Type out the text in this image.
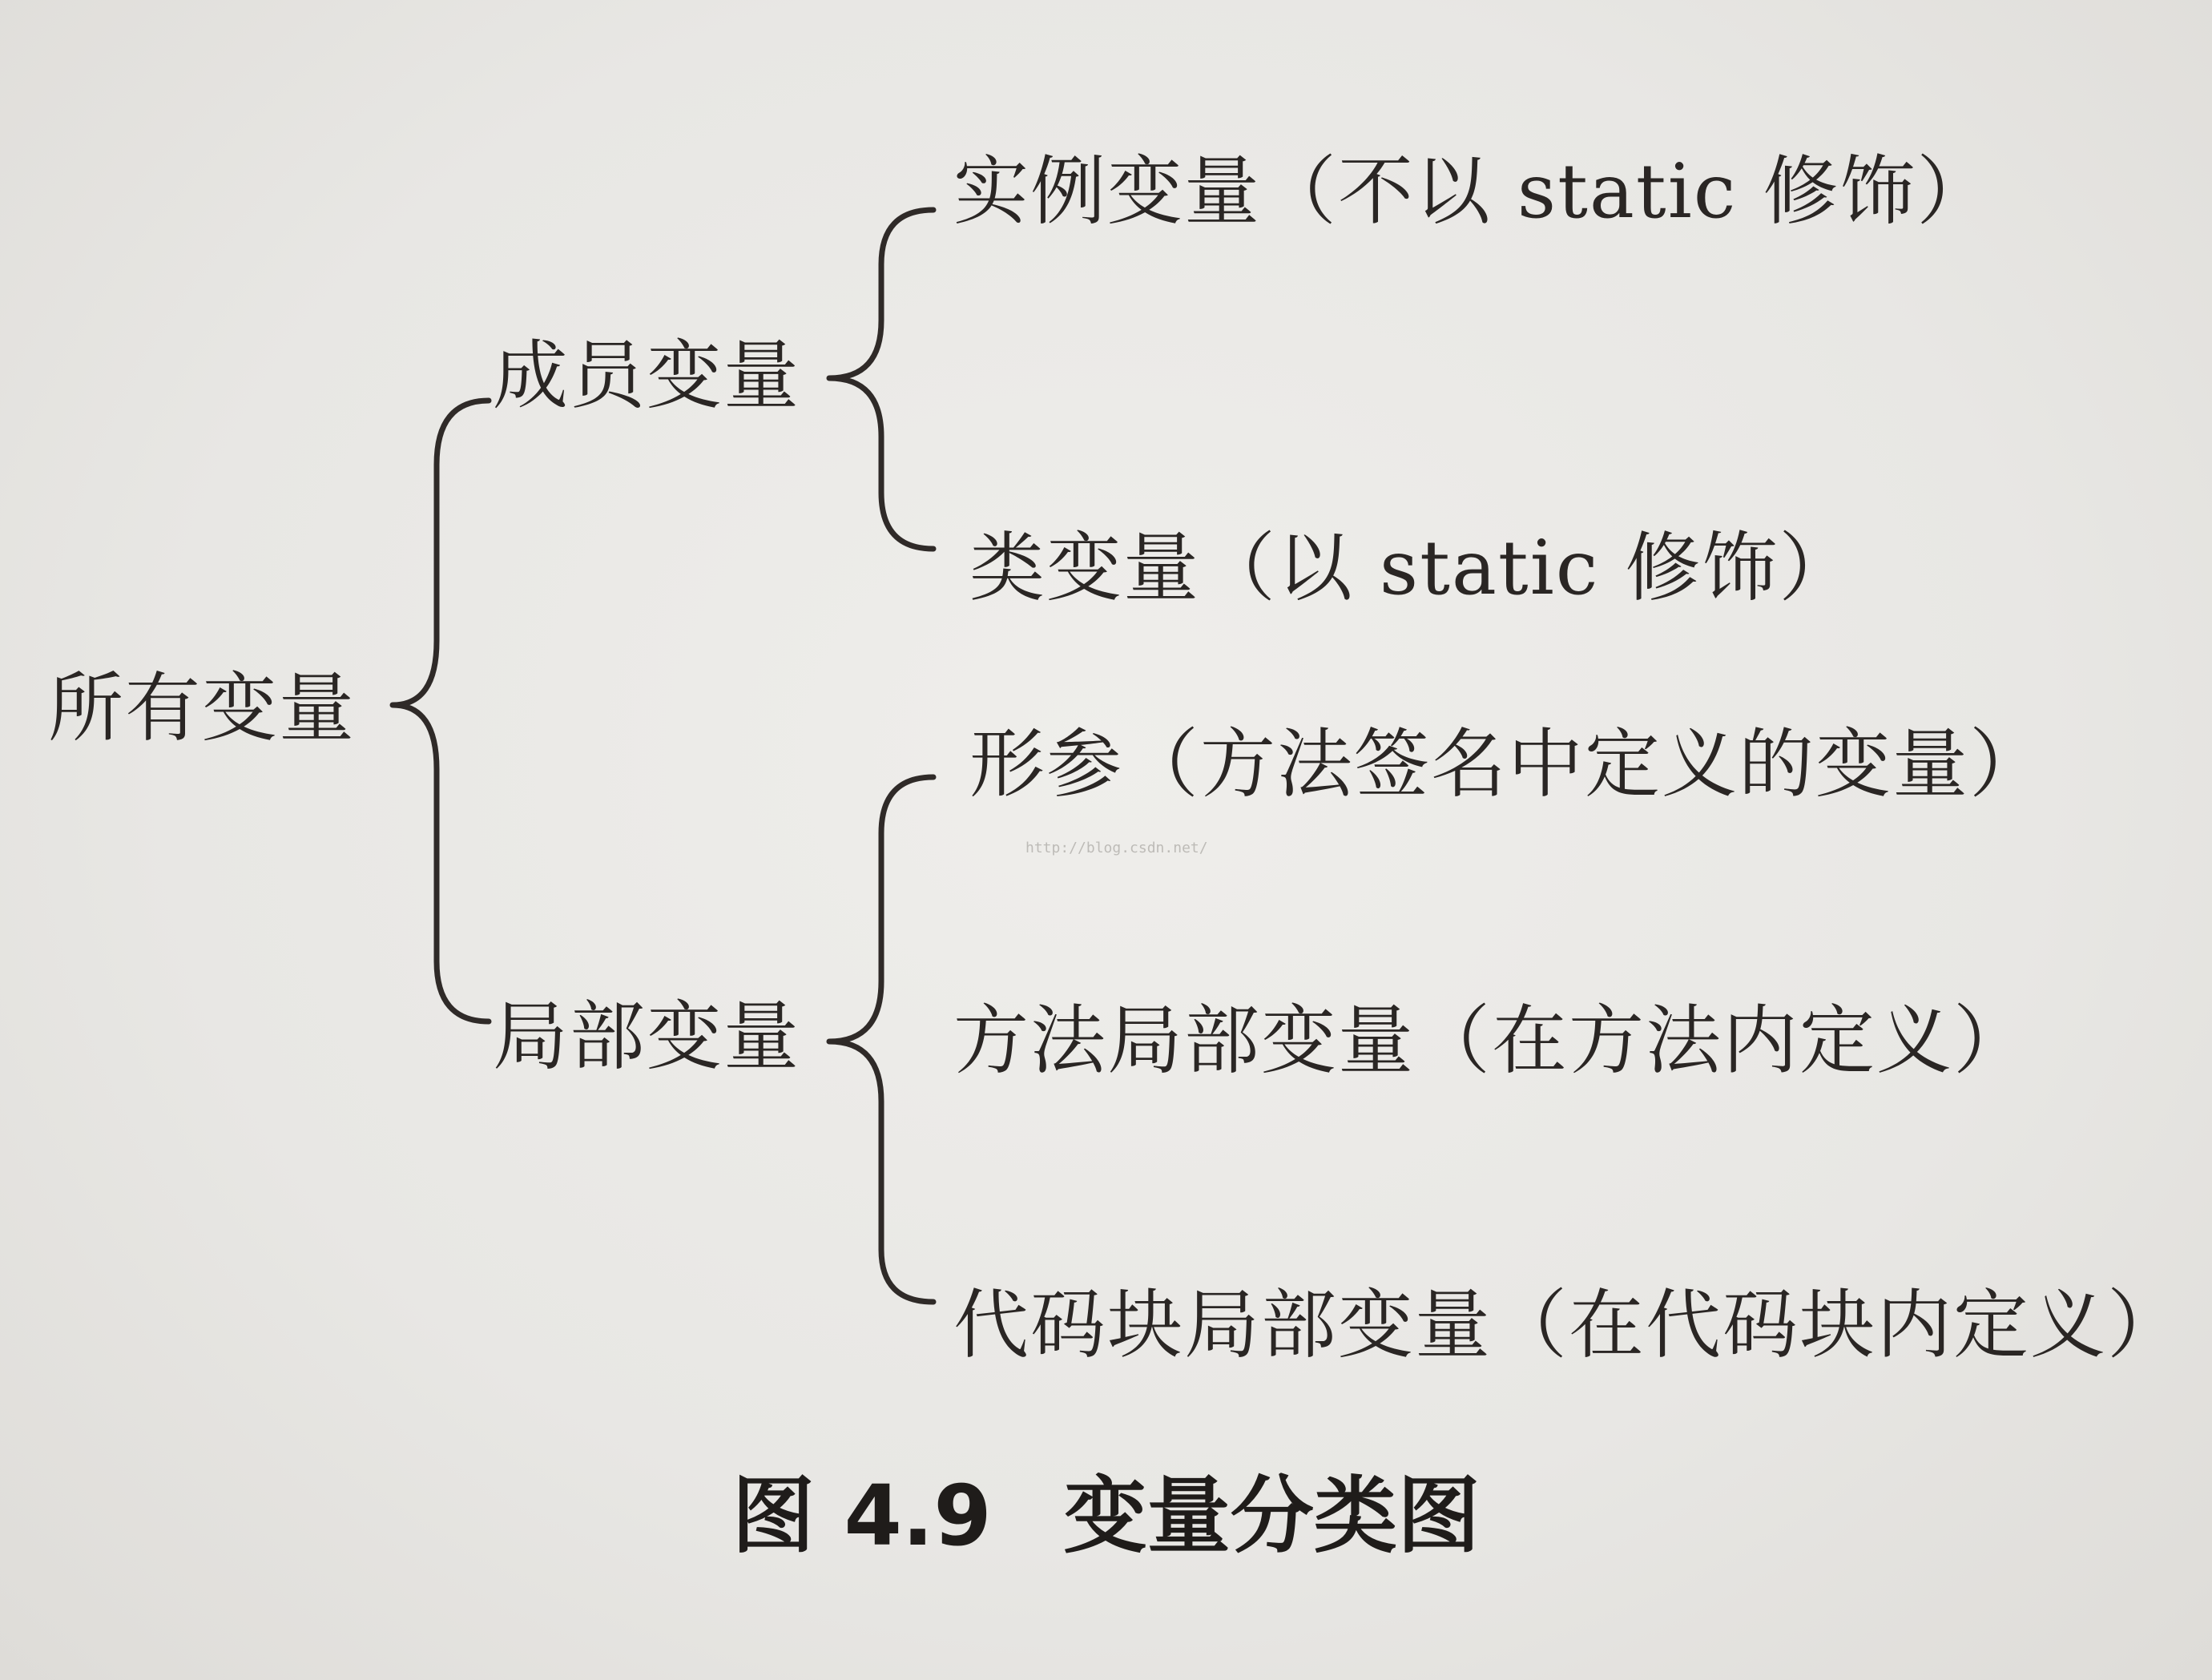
所有变量
成员变量
局部变量
实例变量（不以 static 修饰）
类变量（以 static 修饰）
形参（方法签名中定义的变量）
方法局部变量（在方法内定义）
代码块局部变量（在代码块内定义）
http://blog.csdn.net/
图 4.9 变量分类图
